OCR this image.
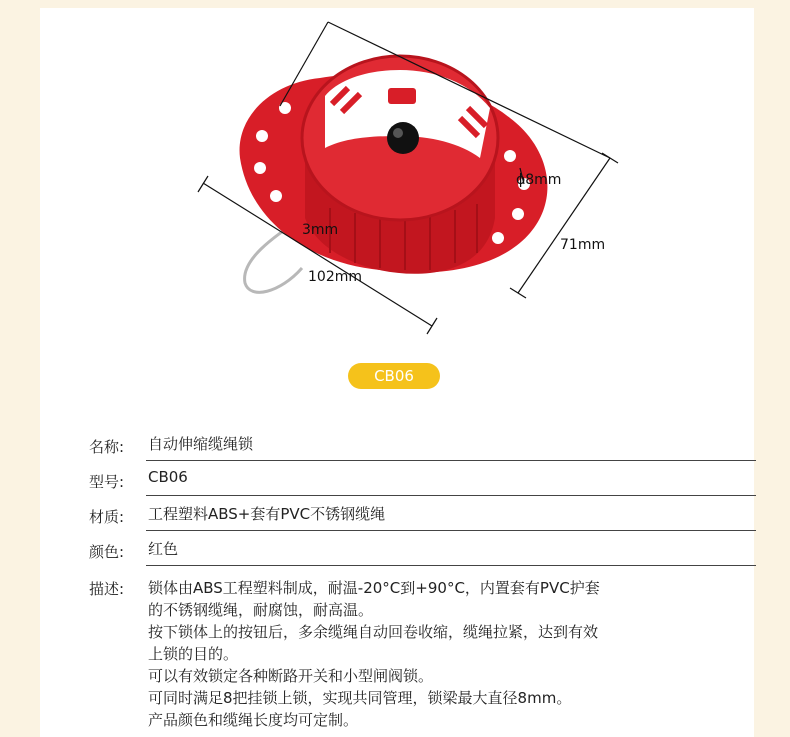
ϕ8mm
3mm
71mm
102mm
CB06
名称: 自动伸缩缆绳锁
型号: CB06
材质: 工程塑料ABS+套有PVC不锈钢缆绳
颜色: 红色
描述: 锁体由ABS工程塑料制成，耐温-20°C到+90°C，内置套有PVC护套
的不锈钢缆绳，耐腐蚀，耐高温。
按下锁体上的按钮后，多余缆绳自动回卷收缩，缆绳拉紧，达到有效
上锁的目的。
可以有效锁定各种断路开关和小型闸阀锁。
可同时满足8把挂锁上锁，实现共同管理，锁梁最大直径8mm。
产品颜色和缆绳长度均可定制。
